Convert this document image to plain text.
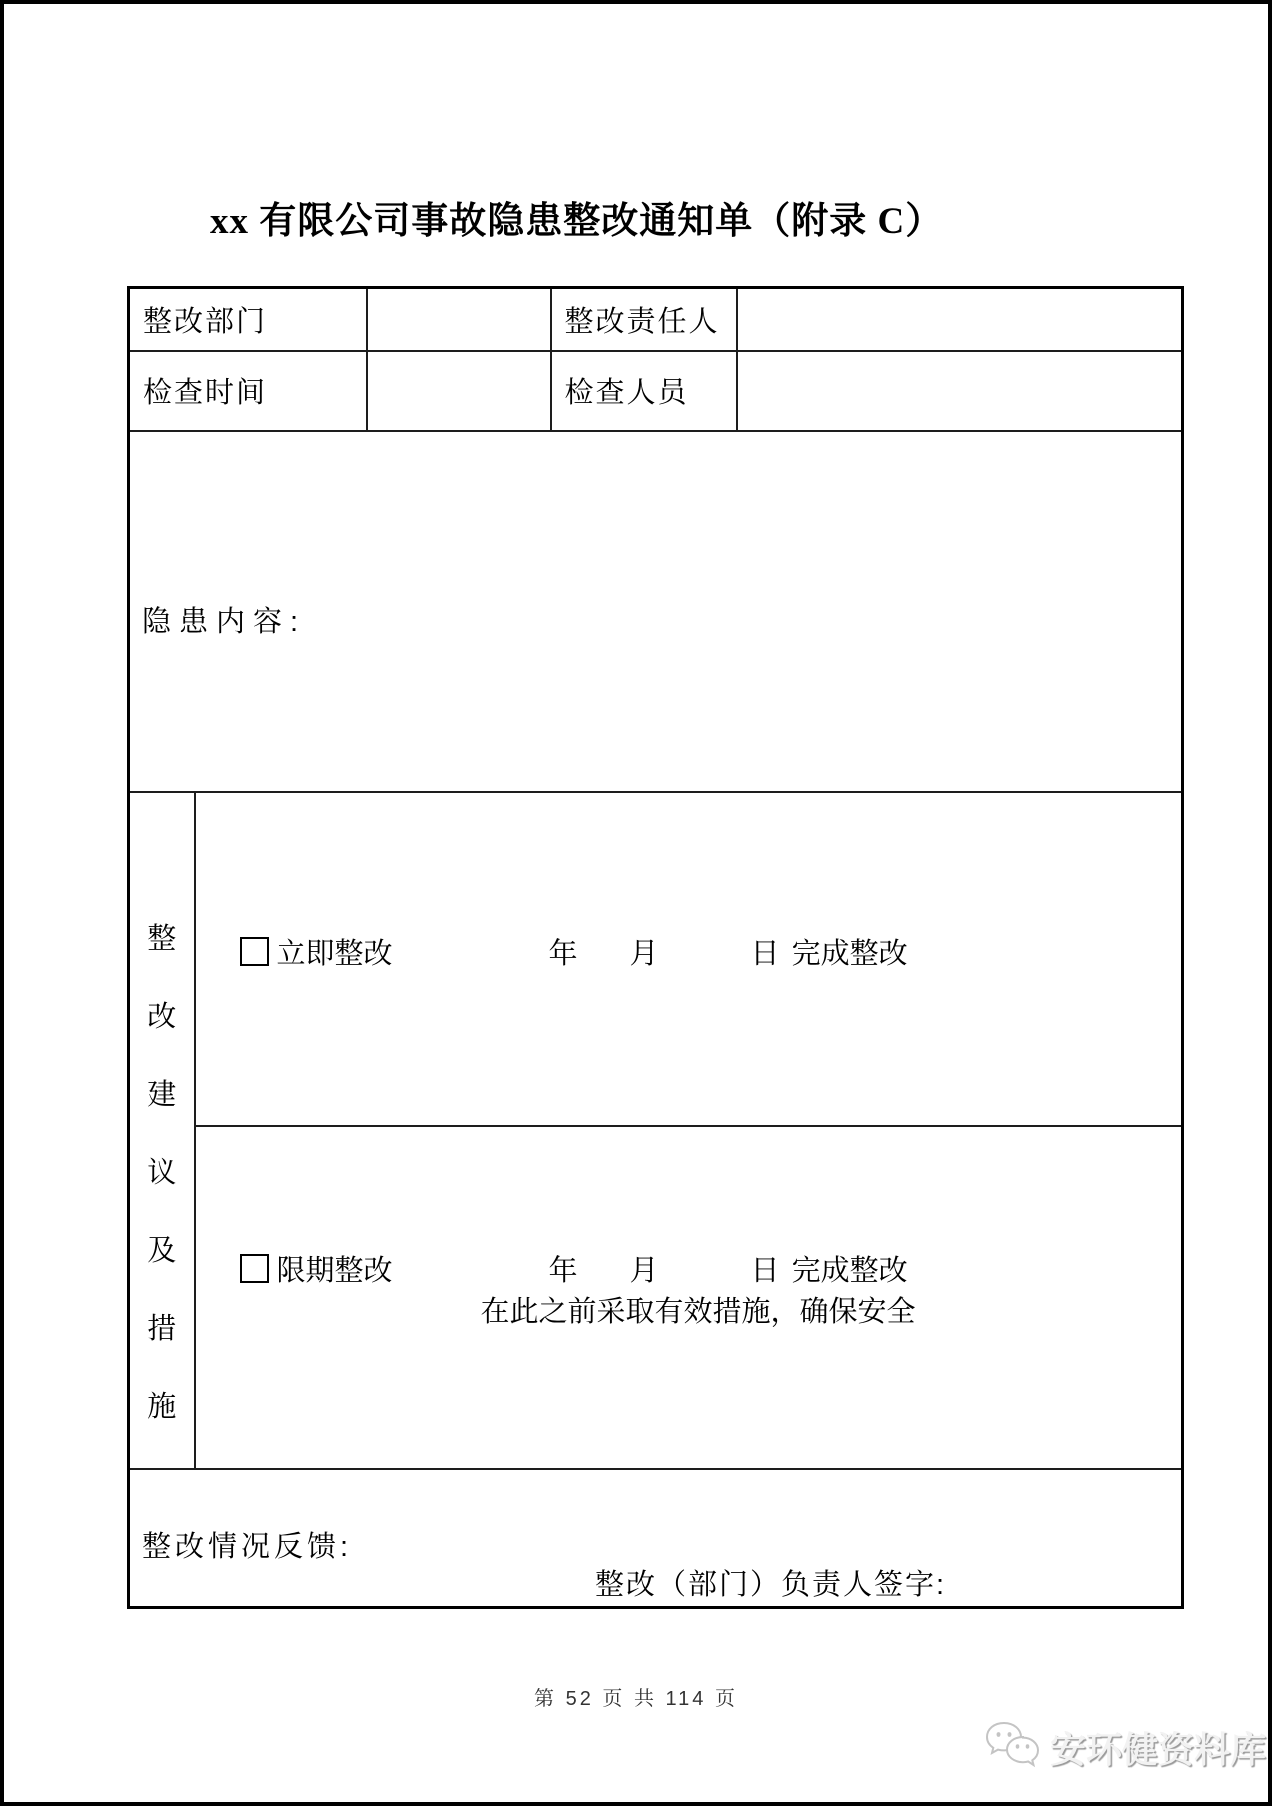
xx 有限公司事故隐患整改通知单（附录 C）
整改部门			整改责任人	

检查时间			检查人员	

隐患内容:				

整
改
建
议
及
措
施

立即整改	年 月	日 完成整改

限期整改	年 月	日 完成整改
在此之前采取有效措施，确保安全

整改情况反馈:
整改（部门）负责人签字:				
第 52 页 共 114 页
安环健资料库
